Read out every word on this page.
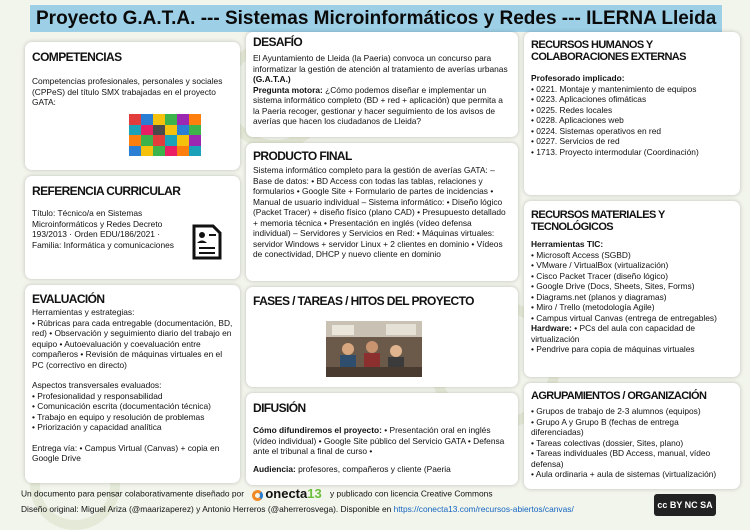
Proyecto G.A.T.A. --- Sistemas Microinformáticos y Redes --- ILERNA Lleida
COMPETENCIAS

Competencias profesionales, personales y sociales (CPPeS) del título SMX trabajadas en el proyecto GATA:

REFERENCIA CURRICULAR

Título: Técnico/a en Sistemas Microinformáticos y Redes Decreto 193/2013 · Orden EDU/186/2021 · Familia: Informática y comunicaciones

EVALUACIÓN

Herramientas y estrategias:

• Rúbricas para cada entregable (documentación, BD, red) • Observación y seguimiento diario del trabajo en equipo • Autoevaluación y coevaluación entre compañeros • Revisión de máquinas virtuales en el PC (correctivo en directo)

Aspectos transversales evaluados:

• Profesionalidad y responsabilidad
• Comunicación escrita (documentación técnica)
• Trabajo en equipo y resolución de problemas
• Priorización y capacidad analítica

Entrega vía: • Campus Virtual (Canvas) + copia en Google Drive

DESAFÍO

El Ayuntamiento de Lleida (la Paeria) convoca un concurso para informatizar la gestión de atención al tratamiento de averías urbanas (G.A.T.A.)
Pregunta motora: ¿Cómo podemos diseñar e implementar un sistema informático completo (BD + red + aplicación) que permita a la Paeria recoger, gestionar y hacer seguimiento de los avisos de averías que hacen los ciudadanos de Lleida?

PRODUCTO FINAL

Sistema informático completo para la gestión de averías GATA: – Base de datos: • BD Access con todas las tablas, relaciones y formularios • Google Site + Formulario de partes de incidencias • Manual de usuario individual – Sistema informático: • Diseño lógico (Packet Tracer) + diseño físico (plano CAD) • Presupuesto detallado + memoria técnica • Presentación en inglés (vídeo defensa individual) – Servidores y Servicios en Red: • Máquinas virtuales: servidor Windows + servidor Linux + 2 clientes en dominio • Vídeos de conectividad, DHCP y nuevo cliente en dominio

FASES / TAREAS / HITOS DEL PROYECTO
DIFUSIÓN

Cómo difundiremos el proyecto: • Presentación oral en inglés (vídeo individual) • Google Site público del Servicio GATA • Defensa ante el tribunal a final de curso •

Audiencia: profesores, compañeros y cliente (Paeria

RECURSOS HUMANOS Y COLABORACIONES EXTERNAS

Profesorado implicado:

• 0221. Montaje y mantenimiento de equipos
• 0223. Aplicaciones ofimáticas
• 0225. Redes locales
• 0228. Aplicaciones web
• 0224. Sistemas operativos en red
• 0227. Servicios de red
• 1713. Proyecto intermodular (Coordinación)
RECURSOS MATERIALES Y TECNOLÓGICOS

Herramientas TIC:

• Microsoft Access (SGBD)
• VMware / VirtualBox (virtualización)
• Cisco Packet Tracer (diseño lógico)
• Google Drive (Docs, Sheets, Sites, Forms)
• Diagrams.net (planos y diagramas)
• Miro / Trello (metodología Agile)
• Campus virtual Canvas (entrega de entregables)

Hardware: • PCs del aula con capacidad de virtualización

• Pendrive para copia de máquinas virtuales
AGRUPAMIENTOS / ORGANIZACIÓN
• Grupos de trabajo de 2-3 alumnos (equipos)
• Grupo A y Grupo B (fechas de entrega diferenciadas)
• Tareas colectivas (dossier, Sites, plano)
• Tareas individuales (BD Access, manual, vídeo defensa)
• Aula ordinaria + aula de sistemas (virtualización)
Un documento para pensar colaborativamente diseñado por onecta13 y publicado con licencia Creative Commons
Diseño original: Miguel Ariza (@maarizaperez) y Antonio Herreros (@aherrerosvega). Disponible en https://conecta13.com/recursos-abiertos/canvas/	cc BY NC SA
